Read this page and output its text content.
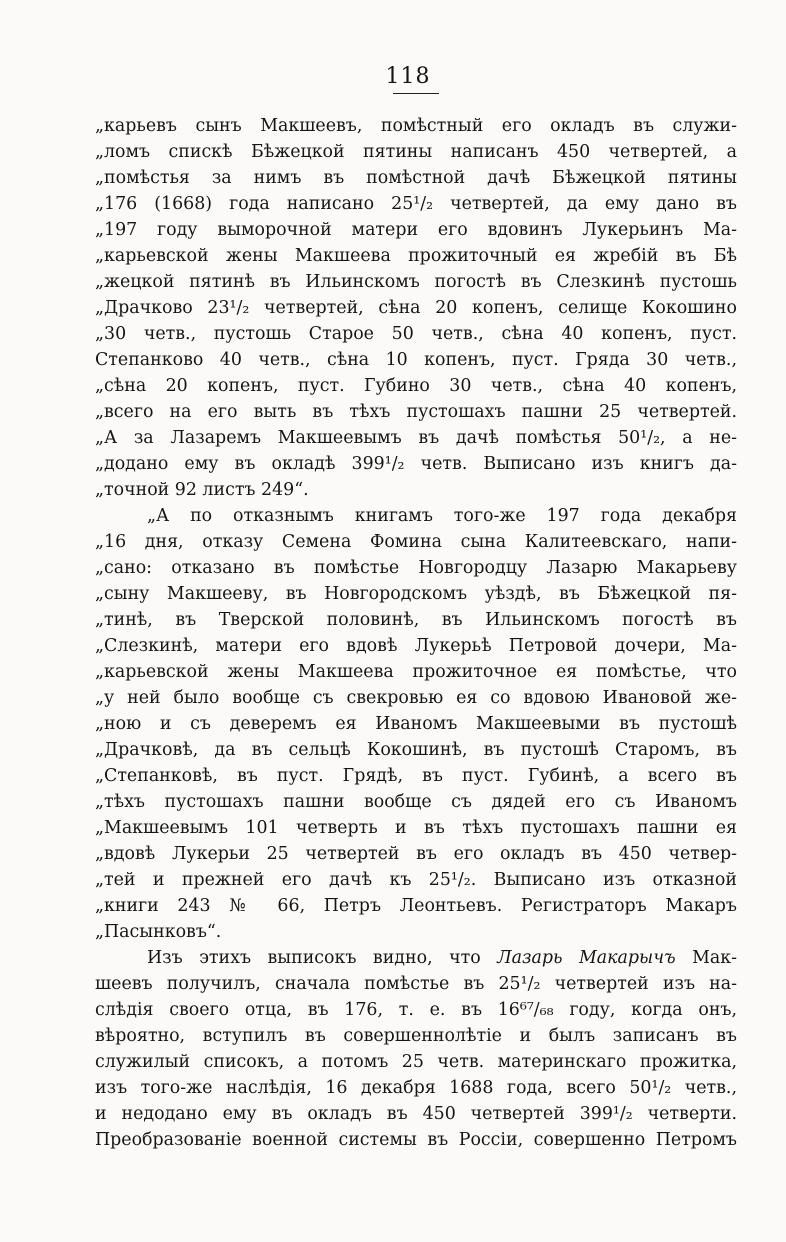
118
„карьевъ сынъ Макшеевъ, помѣстный его окладъ въ служи-
„ломъ спискѣ Бѣжецкой пятины написанъ 450 четвертей, а
„помѣстья за нимъ въ помѣстной дачѣ Бѣжецкой пятины
„176 (1668) года написано 25¹/₂ четвертей, да ему дано въ
„197 году выморочной матери его вдовинъ Лукерьинъ Ма-
„карьевской жены Макшеева прожиточный ея жребій въ Бѣ
„жецкой пятинѣ въ Ильинскомъ погостѣ въ Слезкинѣ пустошь
„Драчково 23¹/₂ четвертей, сѣна 20 копенъ, селище Кокошино
„30 четв., пустошь Старое 50 четв., сѣна 40 копенъ, пуст.
Степанково 40 четв., сѣна 10 копенъ, пуст. Гряда 30 четв.,
„сѣна 20 копенъ, пуст. Губино 30 четв., сѣна 40 копенъ,
„всего на его выть въ тѣхъ пустошахъ пашни 25 четвертей.
„А за Лазаремъ Макшеевымъ въ дачѣ помѣстья 50¹/₂, а не-
„додано ему въ окладѣ 399¹/₂ четв. Выписано изъ книгъ да-
„точной 92 листъ 249“.
„А по отказнымъ книгамъ того-же 197 года декабря
„16 дня, отказу Семена Фомина сына Калитеевскаго, напи-
„сано: отказано въ помѣстье Новгородцу Лазарю Макарьеву
„сыну Макшееву, въ Новгородскомъ уѣздѣ, въ Бѣжецкой пя-
„тинѣ, въ Тверской половинѣ, въ Ильинскомъ погостѣ въ
„Слезкинѣ, матери его вдовѣ Лукерьѣ Петровой дочери, Ма-
„карьевской жены Макшеева прожиточное ея помѣстье, что
„у ней было вообще съ свекровью ея со вдовою Ивановой же-
„ною и съ деверемъ ея Иваномъ Макшеевыми въ пустошѣ
„Драчковѣ, да въ сельцѣ Кокошинѣ, въ пустошѣ Старомъ, въ
„Степанковѣ, въ пуст. Грядѣ, въ пуст. Губинѣ, а всего въ
„тѣхъ пустошахъ пашни вообще съ дядей его съ Иваномъ
„Макшеевымъ 101 четверть и въ тѣхъ пустошахъ пашни ея
„вдовѣ Лукерьи 25 четвертей въ его окладъ въ 450 четвер-
„тей и прежней его дачѣ къ 25¹/₂. Выписано изъ отказной
„книги 243 № 66, Петръ Леонтьевъ. Регистраторъ Макаръ
„Пасынковъ“.
Изъ этихъ выписокъ видно, что Лазарь Макарычъ Мак-
шеевъ получилъ, сначала помѣстье въ 25¹/₂ четвертей изъ на-
слѣдія своего отца, въ 176, т. е. въ 16⁶⁷/₆₈ году, когда онъ,
вѣроятно, вступилъ въ совершеннолѣтіе и былъ записанъ въ
служилый списокъ, а потомъ 25 четв. материнскаго прожитка,
изъ того-же наслѣдія, 16 декабря 1688 года, всего 50¹/₂ четв.,
и недодано ему въ окладъ въ 450 четвертей 399¹/₂ четверти.
Преобразованіе военной системы въ Россіи, совершенно Петромъ
